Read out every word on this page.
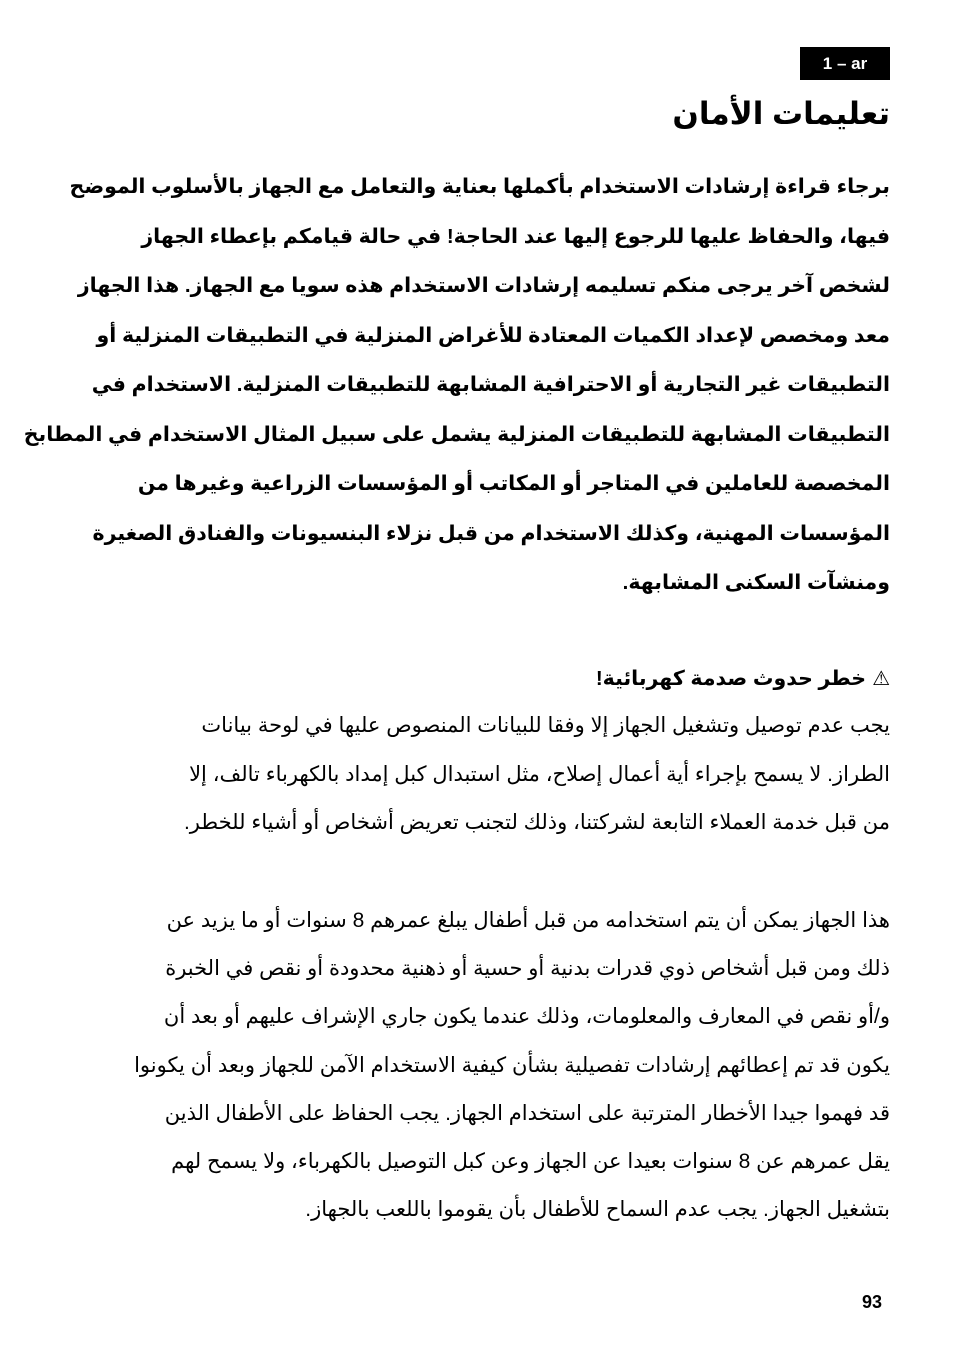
1 – ar
تعليمات الأمان
برجاء قراءة إرشادات الاستخدام بأكملها بعناية والتعامل مع الجهاز بالأسلوب الموضح
فيها، والحفاظ عليها للرجوع إليها عند الحاجة! في حالة قيامكم بإعطاء الجهاز
لشخص آخر يرجى منكم تسليمه إرشادات الاستخدام هذه سويا مع الجهاز. هذا الجهاز
معد ومخصص لإعداد الكميات المعتادة للأغراض المنزلية في التطبيقات المنزلية أو
التطبيقات غير التجارية أو الاحترافية المشابهة للتطبيقات المنزلية. الاستخدام في
التطبيقات المشابهة للتطبيقات المنزلية يشمل على سبيل المثال الاستخدام في المطابخ
المخصصة للعاملين في المتاجر أو المكاتب أو المؤسسات الزراعية وغيرها من
المؤسسات المهنية، وكذلك الاستخدام من قبل نزلاء البنسيونات والفنادق الصغيرة
ومنشآت السكنى المشابهة.
⚠خطر حدوث صدمة كهربائية!
يجب عدم توصيل وتشغيل الجهاز إلا وفقا للبيانات المنصوص عليها في لوحة بيانات
الطراز. لا يسمح بإجراء أية أعمال إصلاح، مثل استبدال كبل إمداد بالكهرباء تالف، إلا
من قبل خدمة العملاء التابعة لشركتنا، وذلك لتجنب تعريض أشخاص أو أشياء للخطر.
هذا الجهاز يمكن أن يتم استخدامه من قبل أطفال يبلغ عمرهم 8 سنوات أو ما يزيد عن
ذلك ومن قبل أشخاص ذوي قدرات بدنية أو حسية أو ذهنية محدودة أو نقص في الخبرة
و/أو نقص في المعارف والمعلومات، وذلك عندما يكون جاري الإشراف عليهم أو بعد أن
يكون قد تم إعطائهم إرشادات تفصيلية بشأن كيفية الاستخدام الآمن للجهاز وبعد أن يكونوا
قد فهموا جيدا الأخطار المترتبة على استخدام الجهاز. يجب الحفاظ على الأطفال الذين
يقل عمرهم عن 8 سنوات بعيدا عن الجهاز وعن كبل التوصيل بالكهرباء، ولا يسمح لهم
بتشغيل الجهاز. يجب عدم السماح للأطفال بأن يقوموا باللعب بالجهاز.
93
